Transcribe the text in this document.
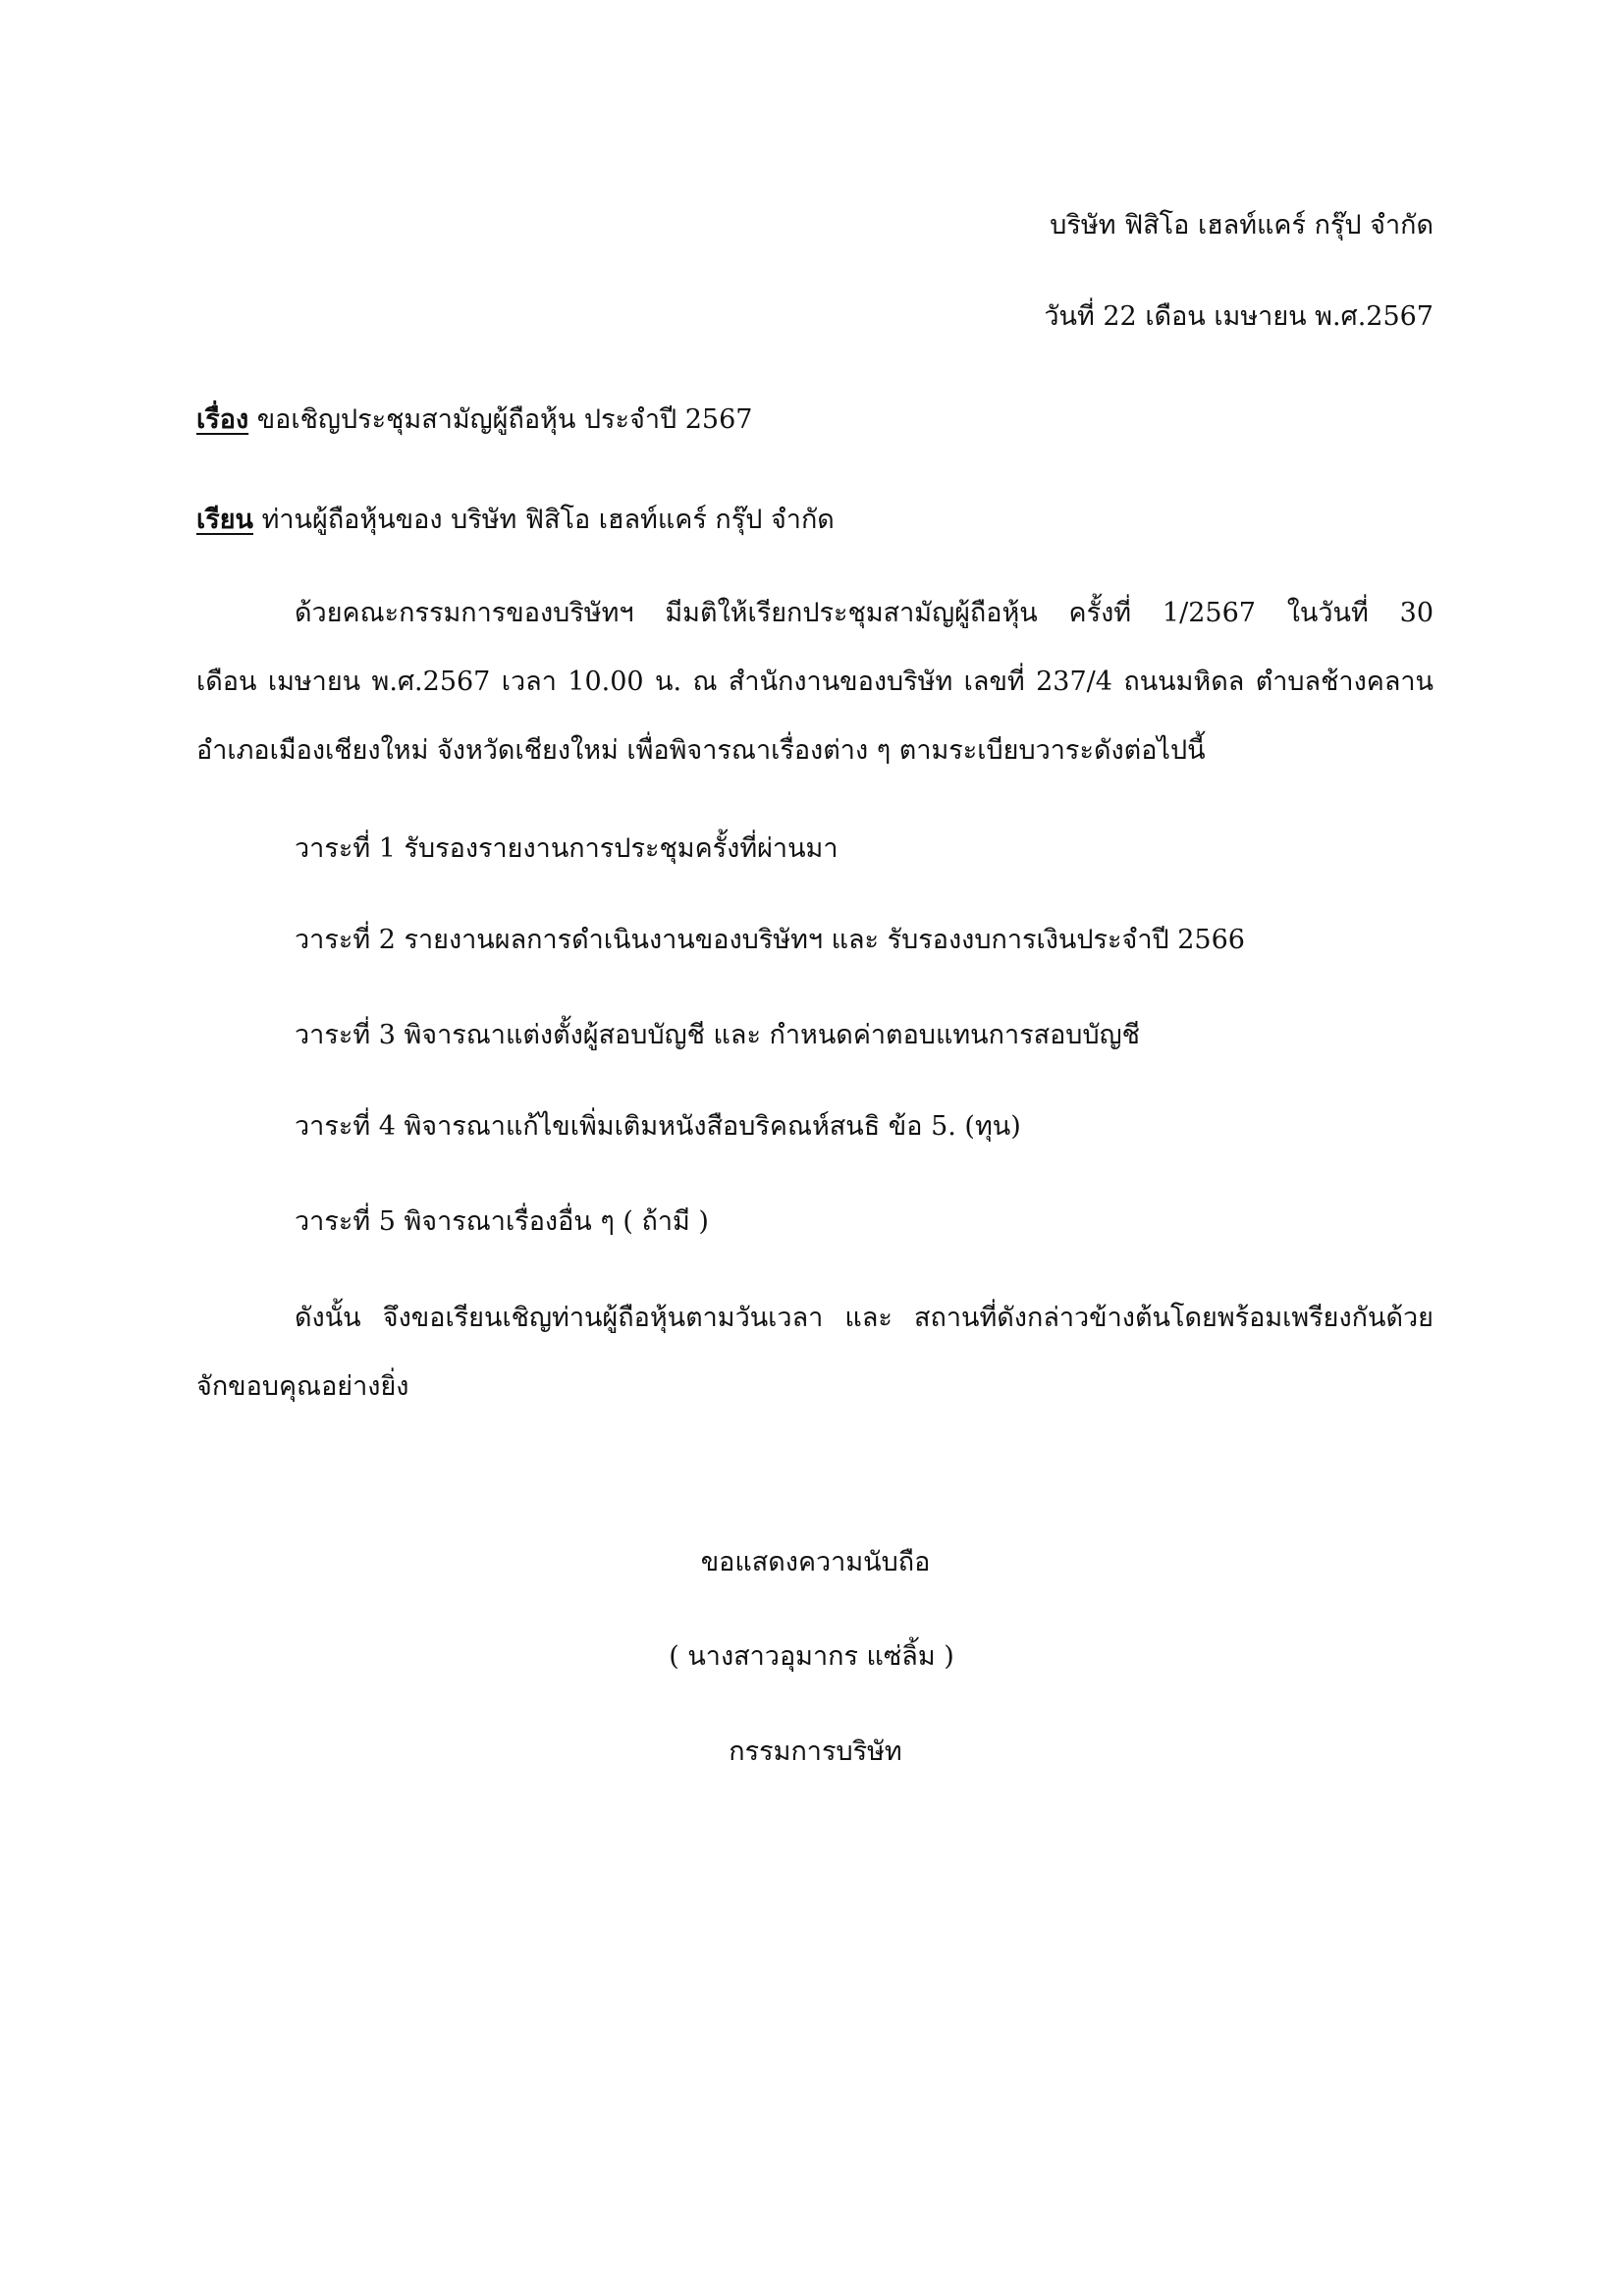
บริษัท ฟิสิโอ เฮลท์แคร์ กรุ๊ป จำกัด
วันที่ 22 เดือน เมษายน พ.ศ.2567
เรื่อง ขอเชิญประชุมสามัญผู้ถือหุ้น ประจำปี 2567
เรียน ท่านผู้ถือหุ้นของ บริษัท ฟิสิโอ เฮลท์แคร์ กรุ๊ป จำกัด
ด้วยคณะกรรมการของบริษัทฯ มีมติให้เรียกประชุมสามัญผู้ถือหุ้น ครั้งที่ 1/2567 ในวันที่ 30
เดือน เมษายน พ.ศ.2567 เวลา 10.00 น. ณ สำนักงานของบริษัท เลขที่ 237/4 ถนนมหิดล ตำบลช้างคลาน
อำเภอเมืองเชียงใหม่ จังหวัดเชียงใหม่ เพื่อพิจารณาเรื่องต่าง ๆ ตามระเบียบวาระดังต่อไปนี้
วาระที่ 1 รับรองรายงานการประชุมครั้งที่ผ่านมา
วาระที่ 2 รายงานผลการดำเนินงานของบริษัทฯ และ รับรองงบการเงินประจำปี 2566
วาระที่ 3 พิจารณาแต่งตั้งผู้สอบบัญชี และ กำหนดค่าตอบแทนการสอบบัญชี
วาระที่ 4 พิจารณาแก้ไขเพิ่มเติมหนังสือบริคณห์สนธิ ข้อ 5. (ทุน)
วาระที่ 5 พิจารณาเรื่องอื่น ๆ ( ถ้ามี )
ดังนั้น จึงขอเรียนเชิญท่านผู้ถือหุ้นตามวันเวลา และ สถานที่ดังกล่าวข้างต้นโดยพร้อมเพรียงกันด้วย
จักขอบคุณอย่างยิ่ง
ขอแสดงความนับถือ
( นางสาวอุมากร แซ่ลิ้ม )
กรรมการบริษัท
